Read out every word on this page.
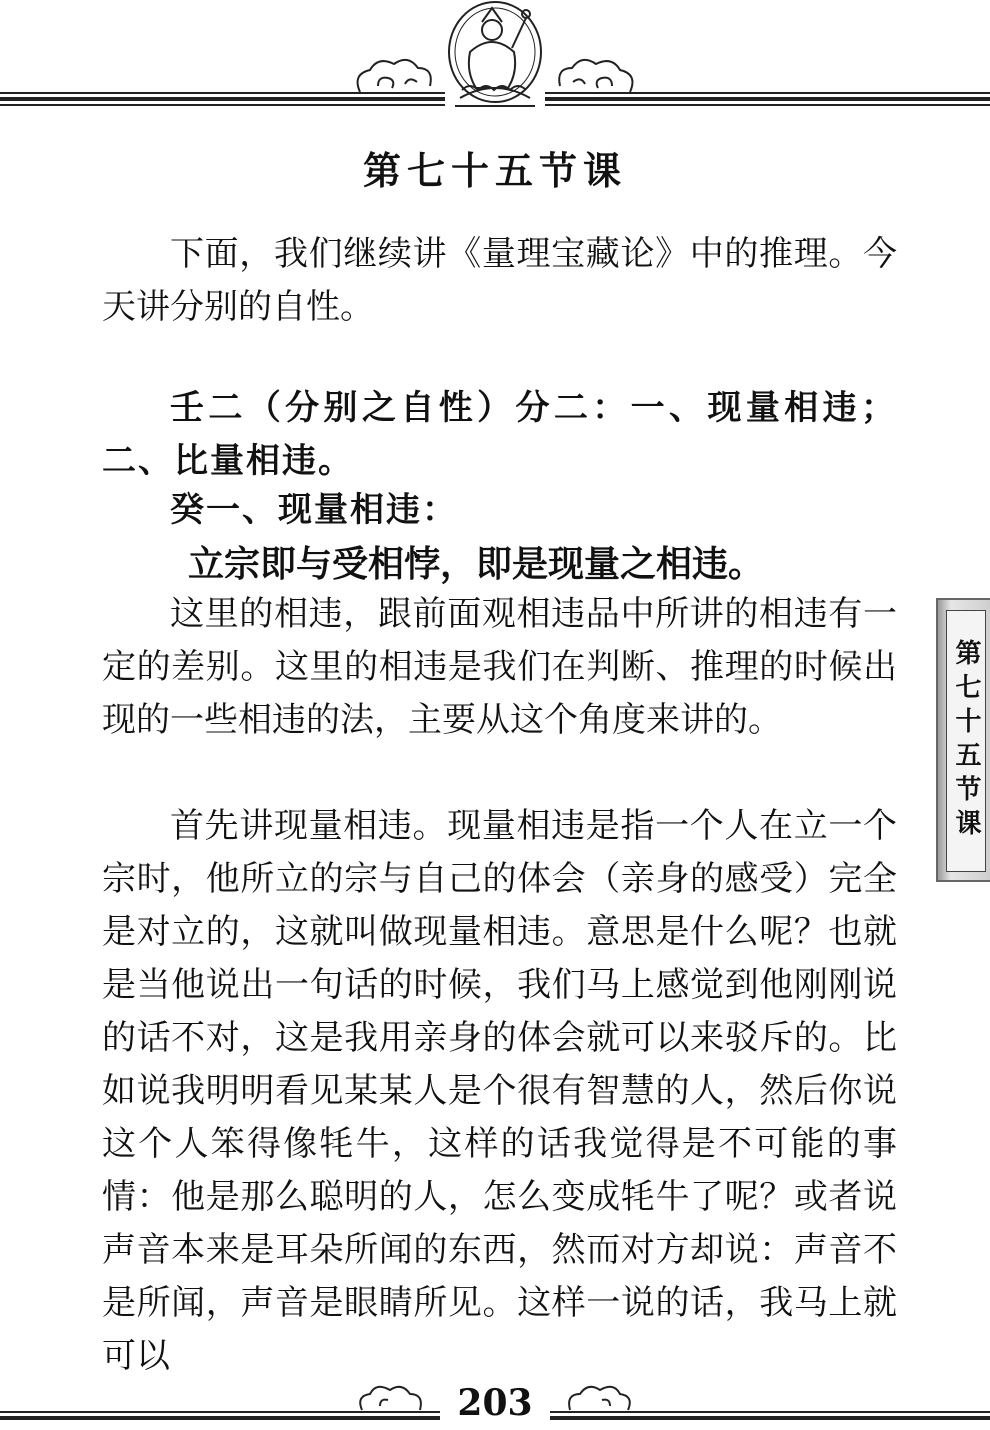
第七十五节课

下面，我们继续讲《量理宝藏论》中的推理。今天讲分别的自性。

壬二（分别之自性）分二：一、现量相违；二、比量相违。

癸一、现量相违：

立宗即与受相悖，即是现量之相违。

这里的相违，跟前面观相违品中所讲的相违有一定的差别。这里的相违是我们在判断、推理的时候出现的一些相违的法，主要从这个角度来讲的。

首先讲现量相违。现量相违是指一个人在立一个宗时，他所立的宗与自己的体会（亲身的感受）完全是对立的，这就叫做现量相违。意思是什么呢？也就是当他说出一句话的时候，我们马上感觉到他刚刚说的话不对，这是我用亲身的体会就可以来驳斥的。比如说我明明看见某某人是个很有智慧的人，然后你说这个人笨得像牦牛，这样的话我觉得是不可能的事情：他是那么聪明的人，怎么变成牦牛了呢？或者说声音本来是耳朵所闻的东西，然而对方却说：声音不是所闻，声音是眼睛所见。这样一说的话，我马上就可以

第七十五节课
203
